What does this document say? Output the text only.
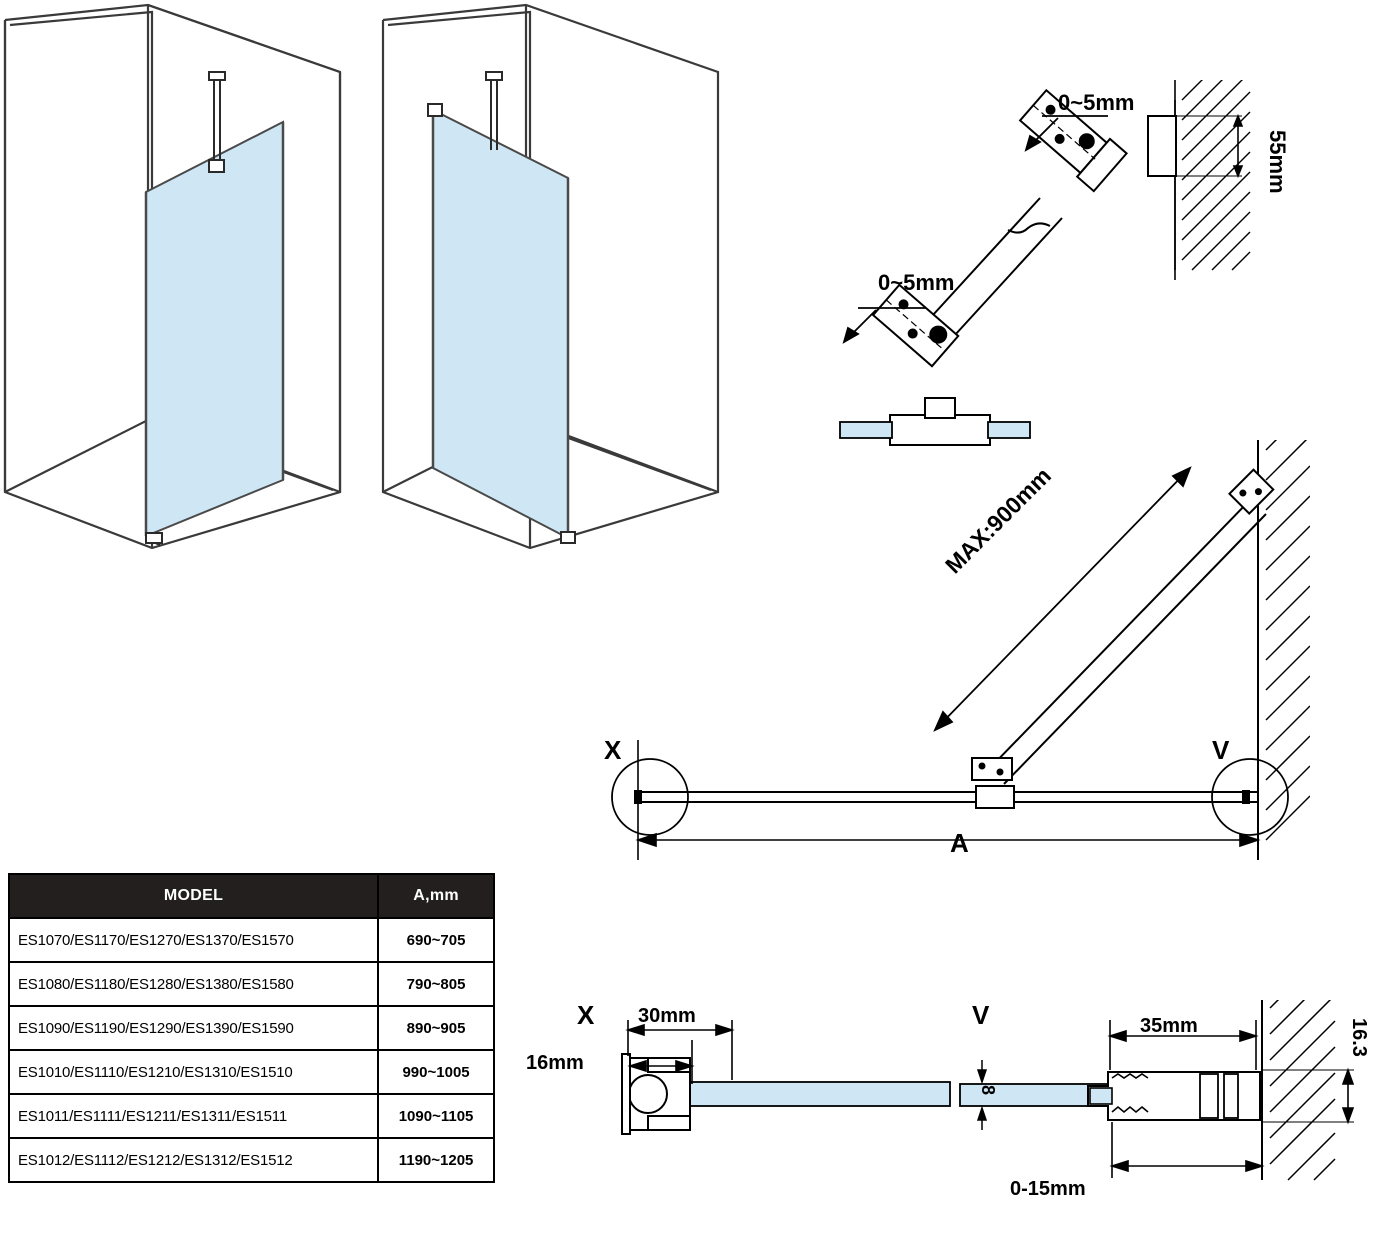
0~5mm
0~5mm
55mm
MAX:900mm
X	V
A
X 30mm
16mm
V	35mm	16.3
8
0-15mm
MODEL	A,mm
ES1070/ES1170/ES1270/ES1370/ES1570	690~705
ES1080/ES1180/ES1280/ES1380/ES1580	790~805
ES1090/ES1190/ES1290/ES1390/ES1590	890~905
ES1010/ES1110/ES1210/ES1310/ES1510	990~1005
ES1011/ES1111/ES1211/ES1311/ES1511	1090~1105
ES1012/ES1112/ES1212/ES1312/ES1512	1190~1205
